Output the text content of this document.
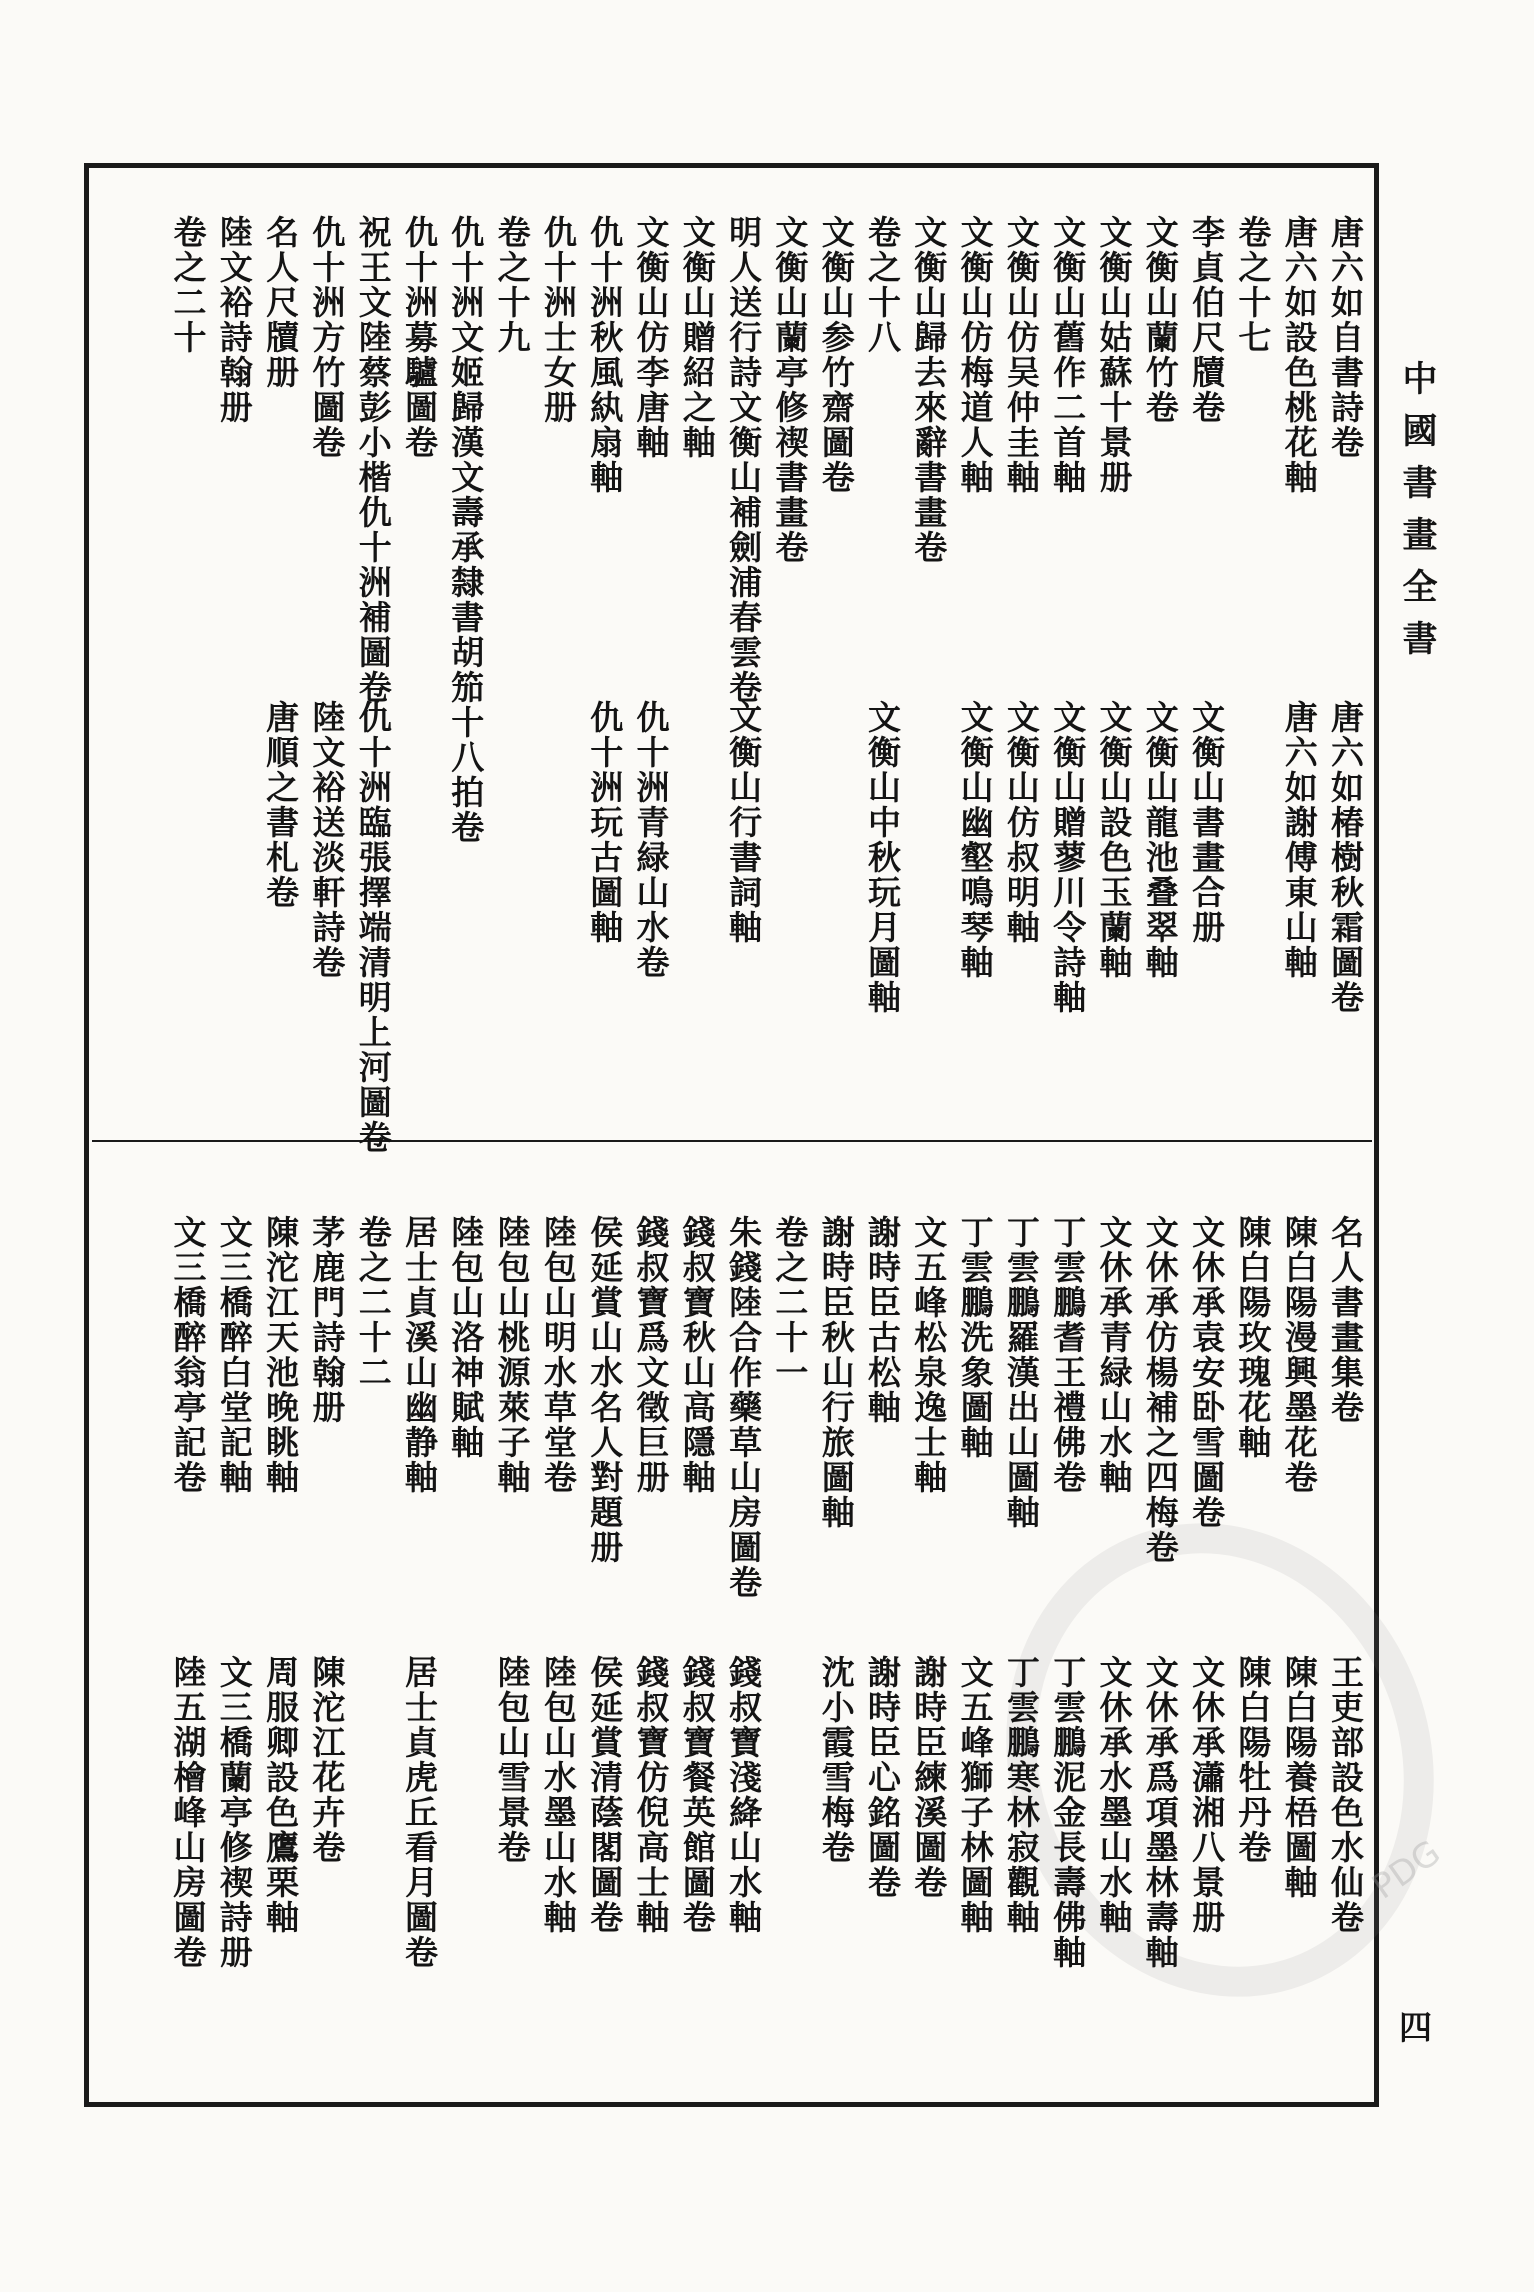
PDG
中國書畫全書
四
唐六如自書詩卷
唐六如設色桃花軸
卷之十七
李貞伯尺牘卷
文衡山蘭竹卷
文衡山姑蘇十景册
文衡山舊作二首軸
文衡山仿吴仲圭軸
文衡山仿梅道人軸
文衡山歸去來辭書畫卷
卷之十八
文衡山参竹齋圖卷
文衡山蘭亭修禊書畫卷
明人送行詩文衡山補劍浦春雲卷
文衡山贈紹之軸
文衡山仿李唐軸
仇十洲秋風紈扇軸
仇十洲士女册
卷之十九
仇十洲文姬歸漢文壽承隸書胡笳十八拍卷
仇十洲募驢圖卷
祝王文陸蔡彭小楷仇十洲補圖卷
仇十洲方竹圖卷
名人尺牘册
陸文裕詩翰册
卷之二十
唐六如椿樹秋霜圖卷
唐六如謝傅東山軸
文衡山書畫合册
文衡山龍池叠翠軸
文衡山設色玉蘭軸
文衡山贈蓼川令詩軸
文衡山仿叔明軸
文衡山幽壑鳴琴軸
文衡山中秋玩月圖軸
文衡山行書詞軸
仇十洲青緑山水卷
仇十洲玩古圖軸
仇十洲臨張擇端清明上河圖卷
陸文裕送淡軒詩卷
唐順之書札卷
名人書畫集卷
陳白陽漫興墨花卷
陳白陽玫瑰花軸
文休承袁安卧雪圖卷
文休承仿楊補之四梅卷
文休承青緑山水軸
丁雲鵬耆王禮佛卷
丁雲鵬羅漢出山圖軸
丁雲鵬洗象圖軸
文五峰松泉逸士軸
謝時臣古松軸
謝時臣秋山行旅圖軸
卷之二十一
朱錢陸合作藥草山房圖卷
錢叔寶秋山高隱軸
錢叔寶爲文徵巨册
侯延賞山水名人對題册
陸包山明水草堂卷
陸包山桃源萊子軸
陸包山洛神賦軸
居士貞溪山幽静軸
卷之二十二
茅鹿門詩翰册
陳沱江天池晚眺軸
文三橋醉白堂記軸
文三橋醉翁亭記卷
王吏部設色水仙卷
陳白陽養梧圖軸
陳白陽牡丹卷
文休承瀟湘八景册
文休承爲項墨林壽軸
文休承水墨山水軸
丁雲鵬泥金長壽佛軸
丁雲鵬寒林寂觀軸
文五峰獅子林圖軸
謝時臣練溪圖卷
謝時臣心銘圖卷
沈小霞雪梅卷
錢叔寶淺絳山水軸
錢叔寶餐英館圖卷
錢叔寶仿倪高士軸
侯延賞清蔭閣圖卷
陸包山水墨山水軸
陸包山雪景卷
居士貞虎丘看月圖卷
陳沱江花卉卷
周服卿設色鷹栗軸
文三橋蘭亭修禊詩册
陸五湖檜峰山房圖卷
